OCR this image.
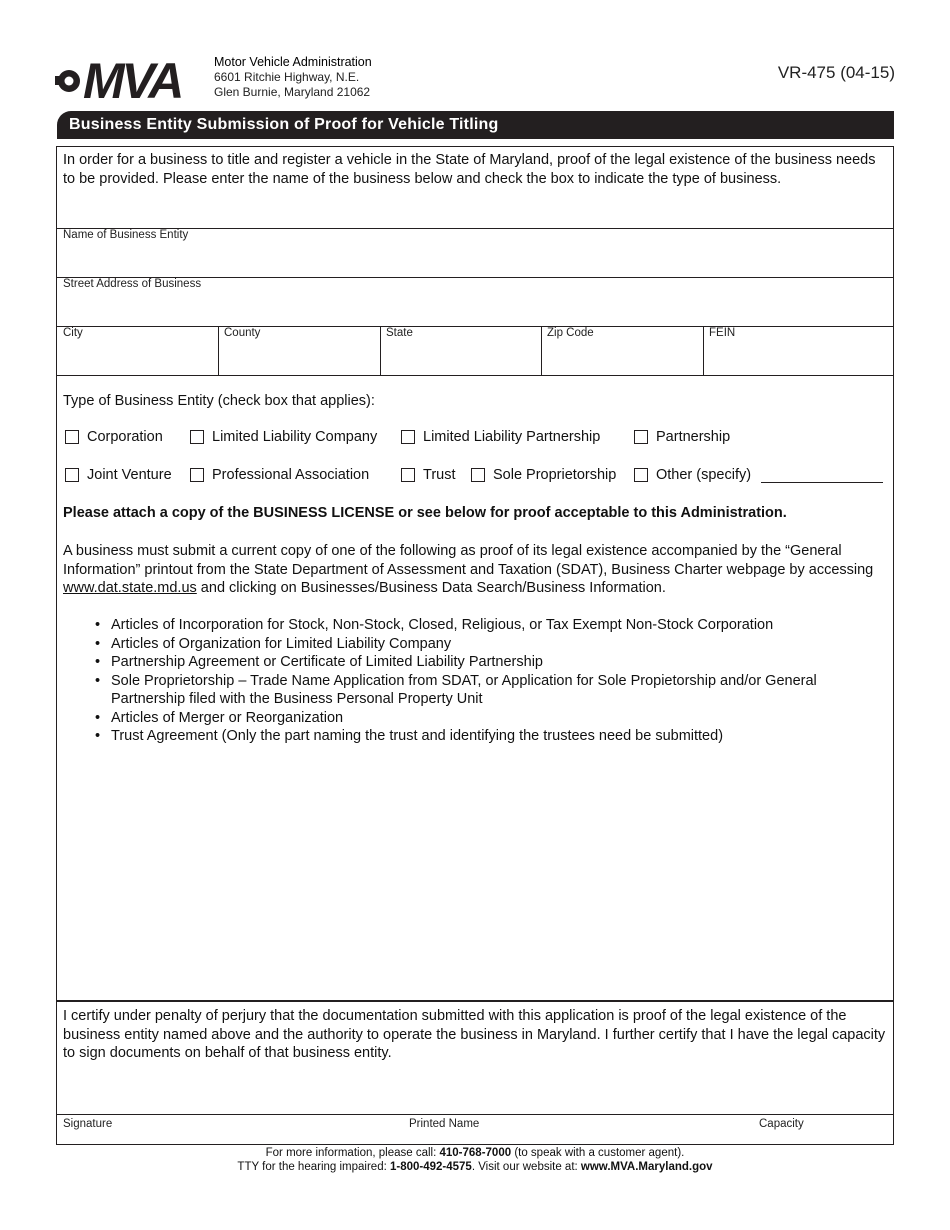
MVA	Motor Vehicle Administration
6601 Ritchie Highway, N.E.
Glen Burnie, Maryland 21062
VR-475 (04-15)
Business Entity Submission of Proof for Vehicle Titling
In order for a business to title and register a vehicle in the State of Maryland, proof of the legal existence of the business needs to be provided. Please enter the name of the business below and check the box to indicate the type of business.
Name of Business Entity
Street Address of Business
City	County	State	Zip Code	FEIN
Type of Business Entity (check box that applies):
Corporation	Limited Liability Company	Limited Liability Partnership	Partnership
Joint Venture	Professional Association	Trust	Sole Proprietorship	Other (specify)
Please attach a copy of the BUSINESS LICENSE or see below for proof acceptable to this Administration.
A business must submit a current copy of one of the following as proof of its legal existence accompanied by the “General Information” printout from the State Department of Assessment and Taxation (SDAT), Business Charter webpage by accessing www.dat.state.md.us and clicking on Businesses/Business Data Search/Business Information.
• Articles of Incorporation for Stock, Non-Stock, Closed, Religious, or Tax Exempt Non-Stock Corporation
• Articles of Organization for Limited Liability Company
• Partnership Agreement or Certificate of Limited Liability Partnership
• Sole Proprietorship – Trade Name Application from SDAT, or Application for Sole Propietorship and/or General Partnership filed with the Business Personal Property Unit
• Articles of Merger or Reorganization
• Trust Agreement (Only the part naming the trust and identifying the trustees need be submitted)
I certify under penalty of perjury that the documentation submitted with this application is proof of the legal existence of the business entity named above and the authority to operate the business in Maryland. I further certify that I have the legal capacity to sign documents on behalf of that business entity.
Signature	Printed Name	Capacity
For more information, please call: 410-768-7000 (to speak with a customer agent).
TTY for the hearing impaired: 1-800-492-4575. Visit our website at: www.MVA.Maryland.gov
